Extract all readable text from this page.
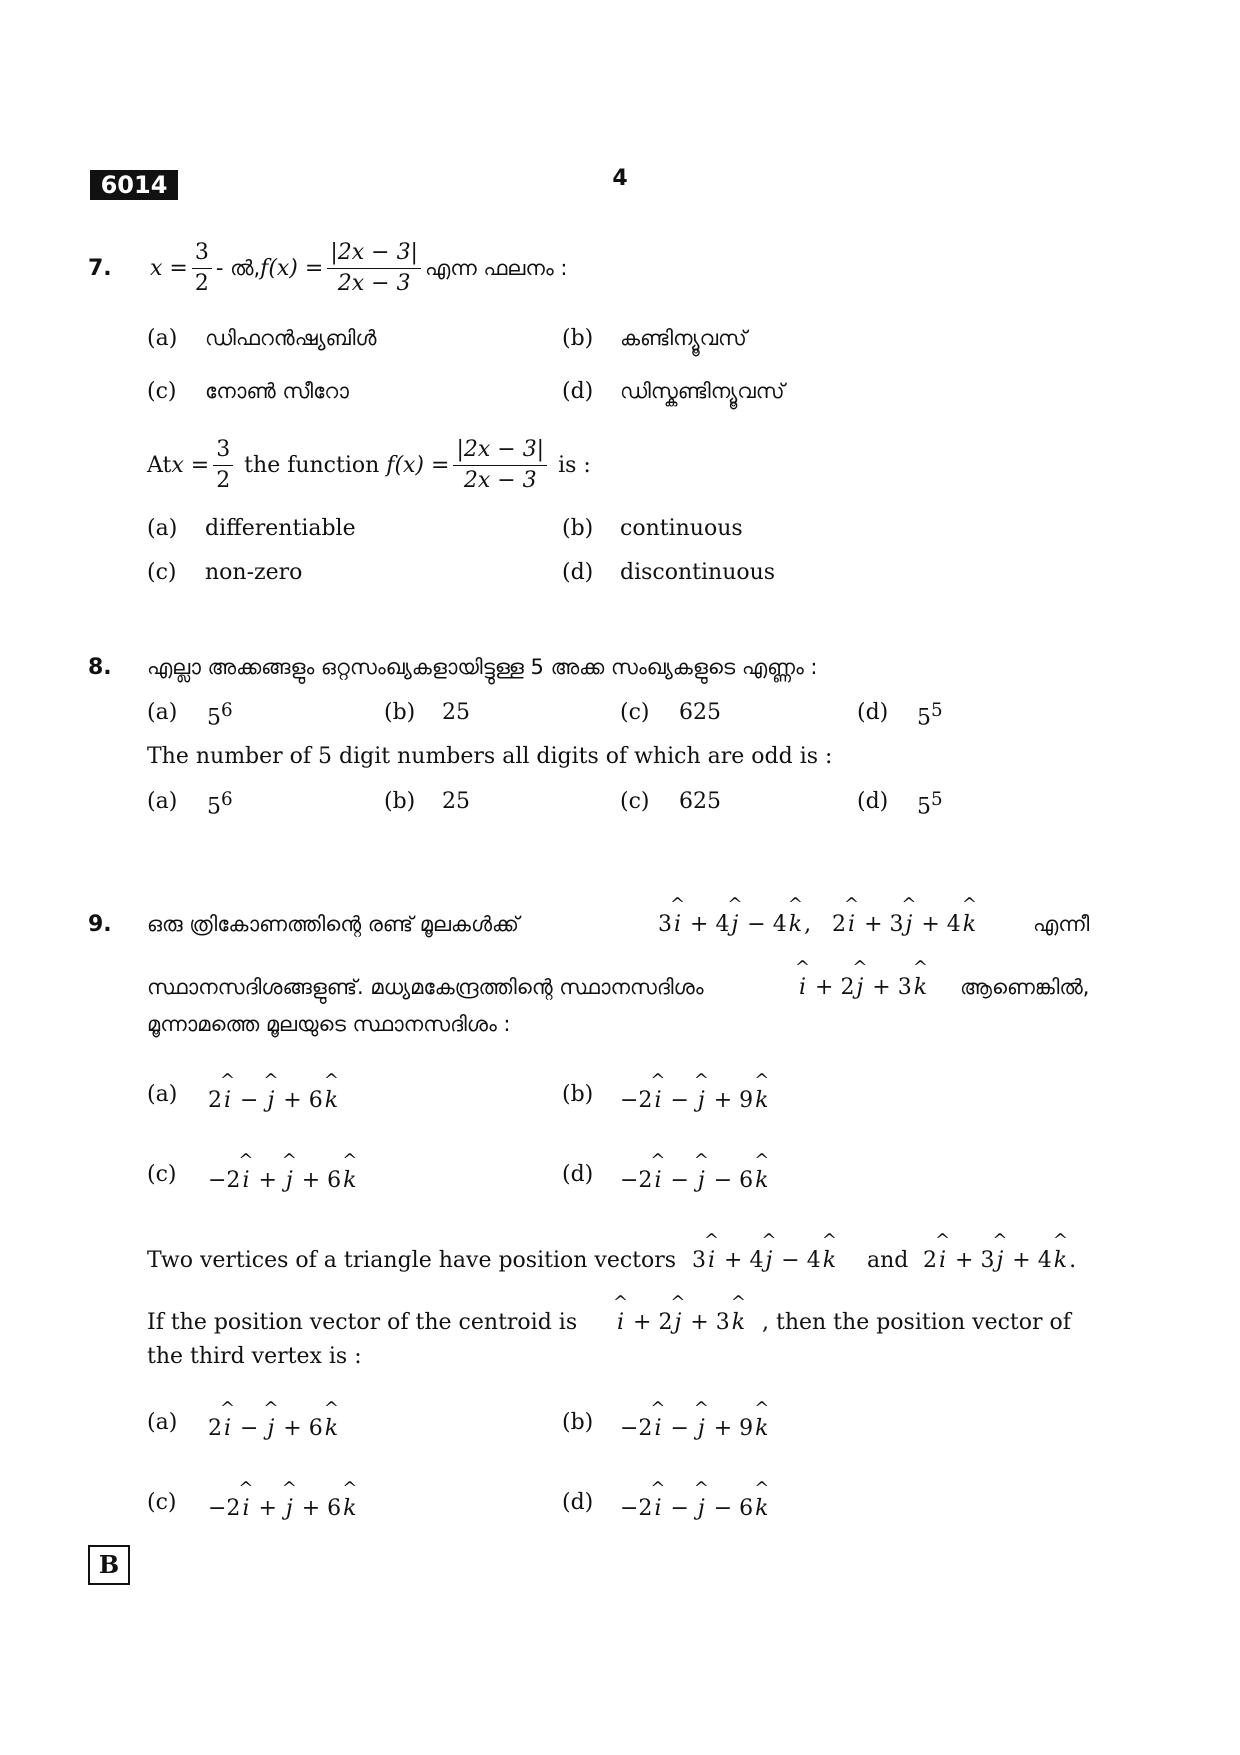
6014	4
7. $x = \frac{3}{2}$ - ൽ, $f(x) = \frac{|2x - 3|}{2x - 3}$ എന്ന ഫലനം :
(a) ഡിഫറൻഷ്യബിൾ	(b) കണ്ടിന്യൂവസ്
(c) നോൺ സീറോ	(d) ഡിസ്കണ്ടിന്യൂവസ്
At $x = \frac{3}{2}$ the function $f(x) = \frac{|2x - 3|}{2x - 3}$ is :
(a) differentiable	(b) continuous
(c) non-zero	(d) discontinuous
8. എല്ലാ അക്കങ്ങളും ഒറ്റസംഖ്യകളായിട്ടുള്ള 5 അക്ക സംഖ്യകളുടെ എണ്ണം :
(a) $5^6$	(b) 25	(c) 625	(d) $5^5$
The number of 5 digit numbers all digits of which are odd is :
(a) $5^6$	(b) 25	(c) 625	(d) $5^5$
9. ഒരു ത്രികോണത്തിന്റെ രണ്ട് മൂലകൾക്ക്	3^ i + 4^ j − 4^ k,   2^ i + 3^ j + 4^ k	എന്നീ
സ്ഥാനസദിശങ്ങളുണ്ട്. മധ്യമകേന്ദ്രത്തിന്റെ സ്ഥാനസദിശം	^ i + 2^ j + 3^ k ആണെങ്കിൽ,
മൂന്നാമത്തെ മൂലയുടെ സ്ഥാനസദിശം :
(a) 2^ i − ^ j + 6^ k	(b) −2^ i − ^ j + 9^ k
(c) −2^ i + ^ j + 6^ k	(d) −2^ i − ^ j − 6^ k
Two vertices of a triangle have position vectors 3^ i + 4^ j − 4^ k and 2^ i + 3^ j + 4^ k.
If the position vector of the centroid is ^ i + 2^ j + 3^ k , then the position vector of
the third vertex is :
(a) 2^ i − ^ j + 6^ k	(b) −2^ i − ^ j + 9^ k
(c) −2^ i + ^ j + 6^ k	(d) −2^ i − ^ j − 6^ k
B
